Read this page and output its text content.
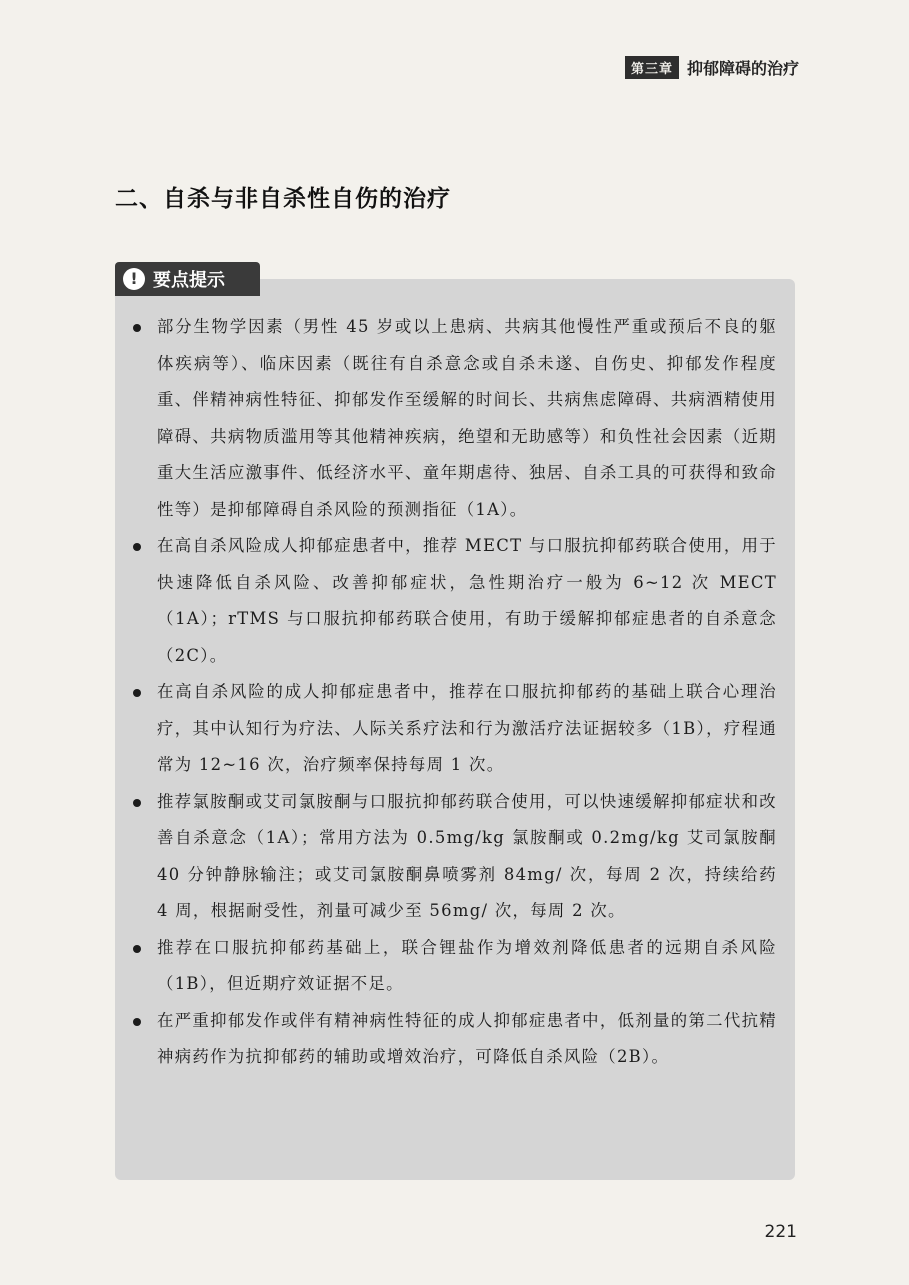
第三章 抑郁障碍的治疗
二、自杀与非自杀性自伤的治疗
部分生物学因素（男性 45 岁或以上患病、共病其他慢性严重或预后不良的躯体疾病等）、临床因素（既往有自杀意念或自杀未遂、自伤史、抑郁发作程度重、伴精神病性特征、抑郁发作至缓解的时间长、共病焦虑障碍、共病酒精使用障碍、共病物质滥用等其他精神疾病，绝望和无助感等）和负性社会因素（近期重大生活应激事件、低经济水平、童年期虐待、独居、自杀工具的可获得和致命性等）是抑郁障碍自杀风险的预测指征（1A）。
在高自杀风险成人抑郁症患者中，推荐 MECT 与口服抗抑郁药联合使用，用于快速降低自杀风险、改善抑郁症状，急性期治疗一般为 6~12 次 MECT（1A）；rTMS 与口服抗抑郁药联合使用，有助于缓解抑郁症患者的自杀意念（2C）。
在高自杀风险的成人抑郁症患者中，推荐在口服抗抑郁药的基础上联合心理治疗，其中认知行为疗法、人际关系疗法和行为激活疗法证据较多（1B），疗程通常为 12~16 次，治疗频率保持每周 1 次。
推荐氯胺酮或艾司氯胺酮与口服抗抑郁药联合使用，可以快速缓解抑郁症状和改善自杀意念（1A）；常用方法为 0.5mg/kg 氯胺酮或 0.2mg/kg 艾司氯胺酮 40 分钟静脉输注；或艾司氯胺酮鼻喷雾剂 84mg/ 次，每周 2 次，持续给药 4 周，根据耐受性，剂量可减少至 56mg/ 次，每周 2 次。
推荐在口服抗抑郁药基础上，联合锂盐作为增效剂降低患者的远期自杀风险（1B），但近期疗效证据不足。
在严重抑郁发作或伴有精神病性特征的成人抑郁症患者中，低剂量的第二代抗精神病药作为抗抑郁药的辅助或增效治疗，可降低自杀风险（2B）。
! 要点提示
221
